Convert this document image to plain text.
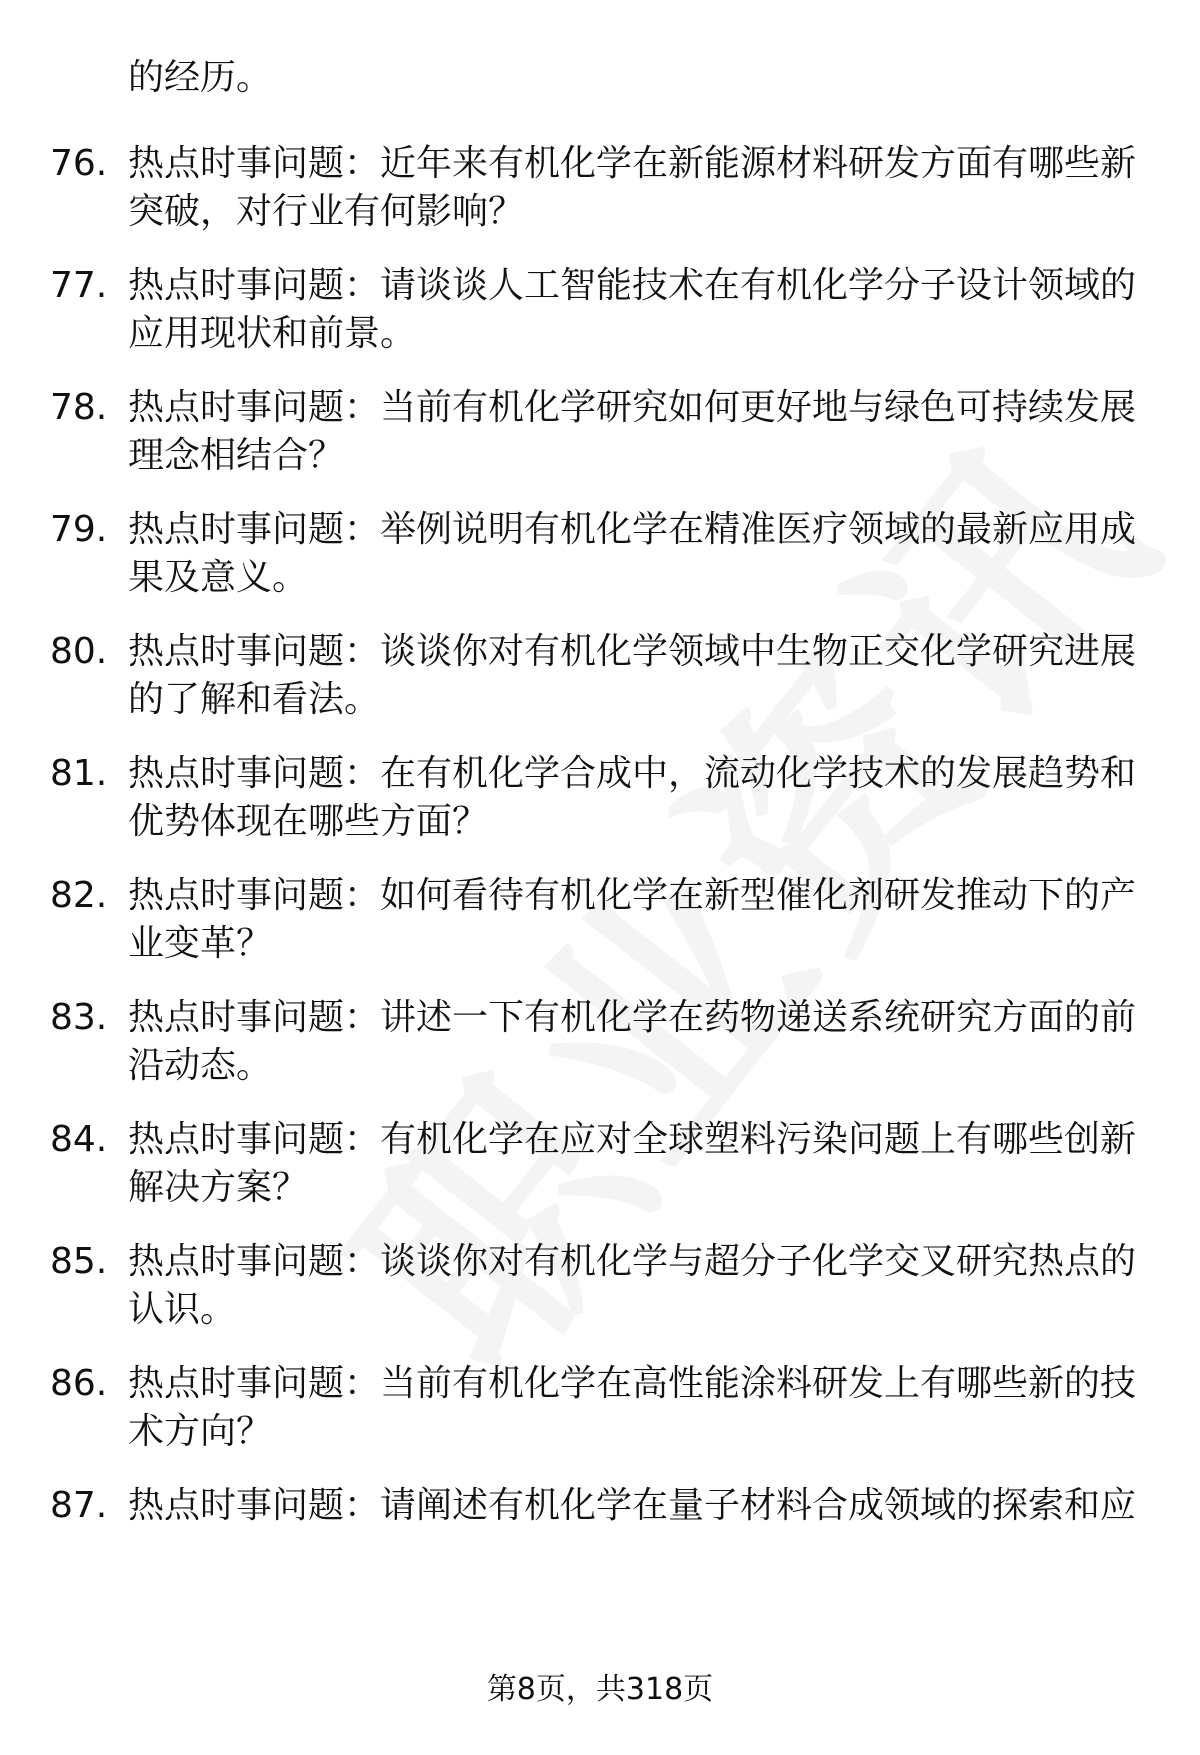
的经历。
76. 热点时事问题：近年来有机化学在新能源材料研发方面有哪些新突破，对行业有何影响？
77. 热点时事问题：请谈谈人工智能技术在有机化学分子设计领域的应用现状和前景。
78. 热点时事问题：当前有机化学研究如何更好地与绿色可持续发展理念相结合？
79. 热点时事问题：举例说明有机化学在精准医疗领域的最新应用成果及意义。
80. 热点时事问题：谈谈你对有机化学领域中生物正交化学研究进展的了解和看法。
81. 热点时事问题：在有机化学合成中，流动化学技术的发展趋势和优势体现在哪些方面？
82. 热点时事问题：如何看待有机化学在新型催化剂研发推动下的产业变革？
83. 热点时事问题：讲述一下有机化学在药物递送系统研究方面的前沿动态。
84. 热点时事问题：有机化学在应对全球塑料污染问题上有哪些创新解决方案？
85. 热点时事问题：谈谈你对有机化学与超分子化学交叉研究热点的认识。
86. 热点时事问题：当前有机化学在高性能涂料研发上有哪些新的技术方向？
87. 热点时事问题：请阐述有机化学在量子材料合成领域的探索和应
第8页，共318页
